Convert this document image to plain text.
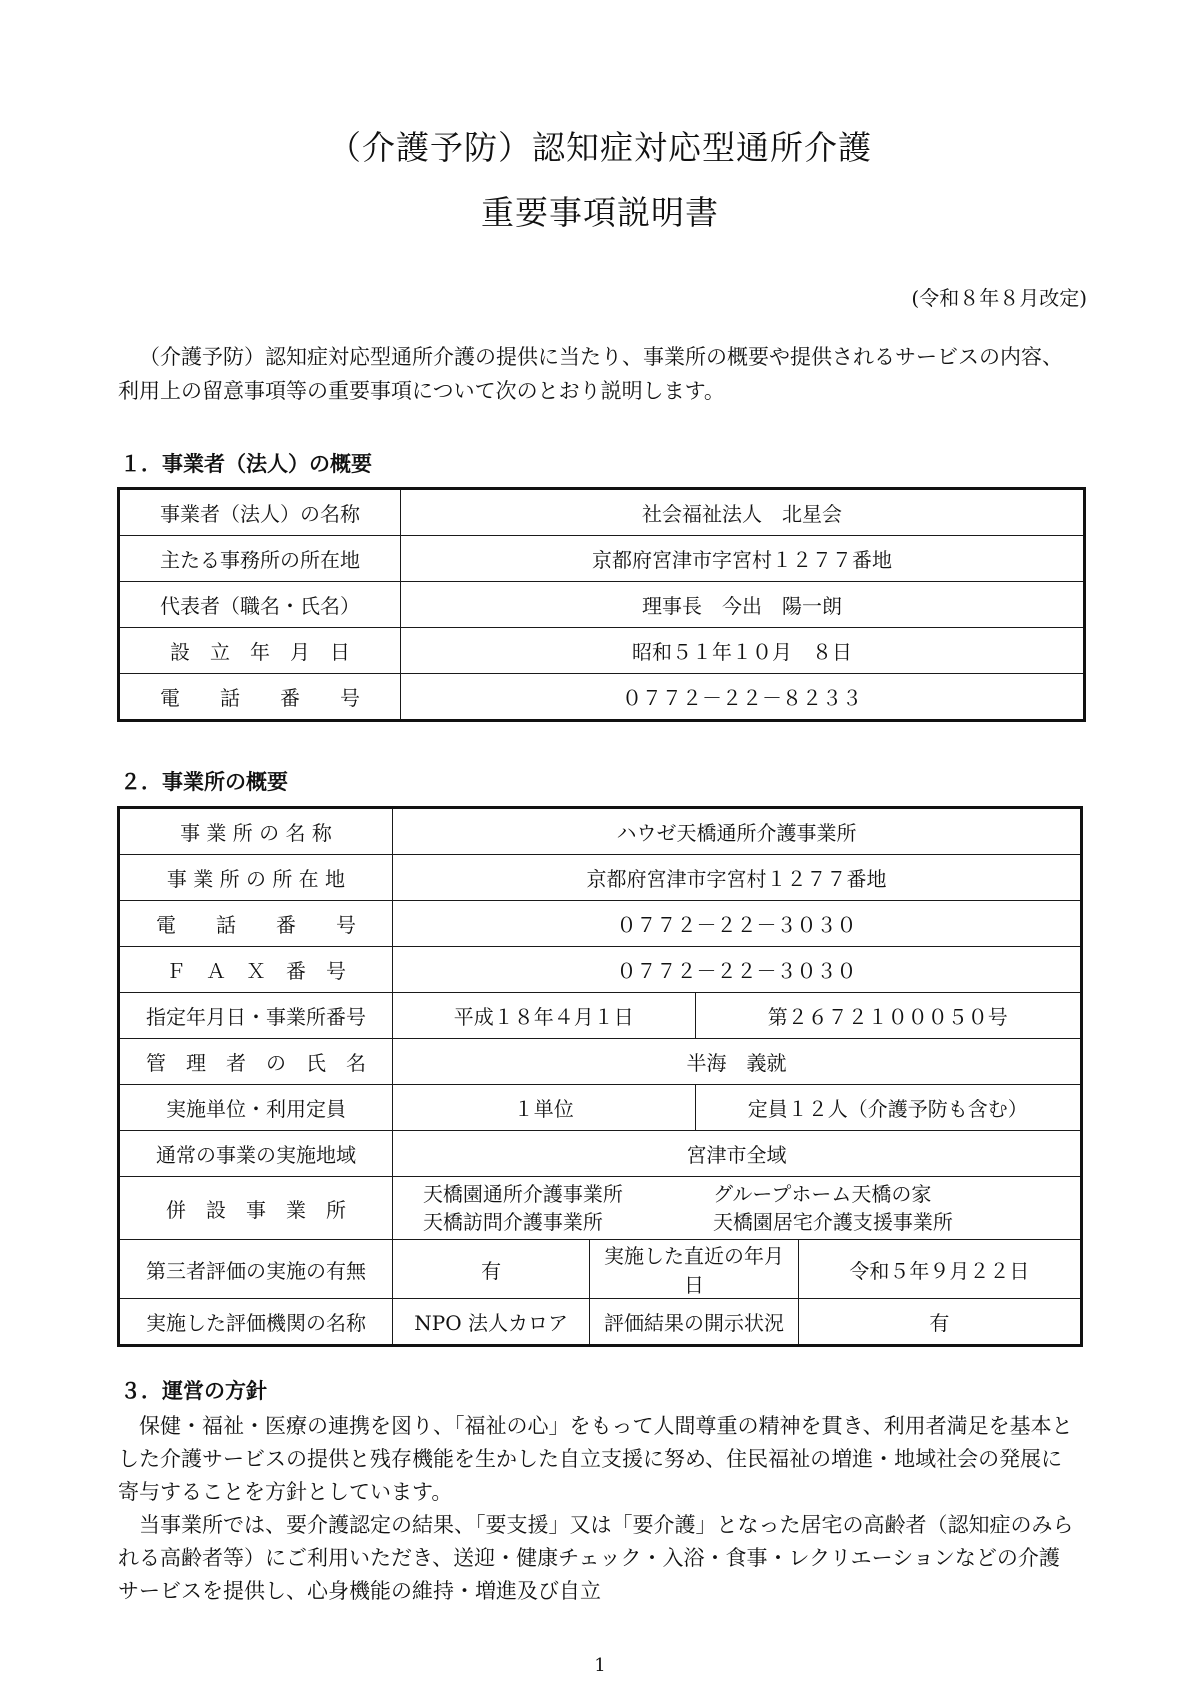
（介護予防）認知症対応型通所介護
重要事項説明書
(令和８年８月改定)
（介護予防）認知症対応型通所介護の提供に当たり、事業所の概要や提供されるサービスの内容、利用上の留意事項等の重要事項について次のとおり説明します。
１．事業者（法人）の概要
事業者（法人）の名称	社会福祉法人　北星会
主たる事務所の所在地	京都府宮津市字宮村１２７７番地
代表者（職名・氏名）	理事長　今出　陽一朗
設　立　年　月　日	昭和５１年１０月　８日
電　　話　　番　　号	０７７２－２２－８２３３
２．事業所の概要
事 業 所 の 名 称	ハウゼ天橋通所介護事業所			
事 業 所 の 所 在 地	京都府宮津市字宮村１２７７番地			
電　　話　　番　　号	０７７２－２２－３０３０			
Ｆ　Ａ　Ｘ　番　号	０７７２－２２－３０３０			
指定年月日・事業所番号	平成１８年４月１日		第２６７２１０００５０号	
管　理　者　の　氏　名	半海　義就			
実施単位・利用定員	１単位		定員１２人（介護予防も含む）	
通常の事業の実施地域	宮津市全域			
併　設　事　業　所	天橋園通所介護事業所 グループホーム天橋の家
天橋訪問介護事業所 天橋園居宅介護支援事業所			

第三者評価の実施の有無	有	実施した直近の年月日		令和５年９月２２日
実施した評価機関の名称	NPO 法人カロア	評価結果の開示状況		有
３．運営の方針

保健・福祉・医療の連携を図り、「福祉の心」をもって人間尊重の精神を貫き、利用者満足を基本とした介護サービスの提供と残存機能を生かした自立支援に努め、住民福祉の増進・地域社会の発展に寄与することを方針としています。

当事業所では、要介護認定の結果、「要支援」又は「要介護」となった居宅の高齢者（認知症のみられる高齢者等）にご利用いただき、送迎・健康チェック・入浴・食事・レクリエーションなどの介護サービスを提供し、心身機能の維持・増進及び自立

1
